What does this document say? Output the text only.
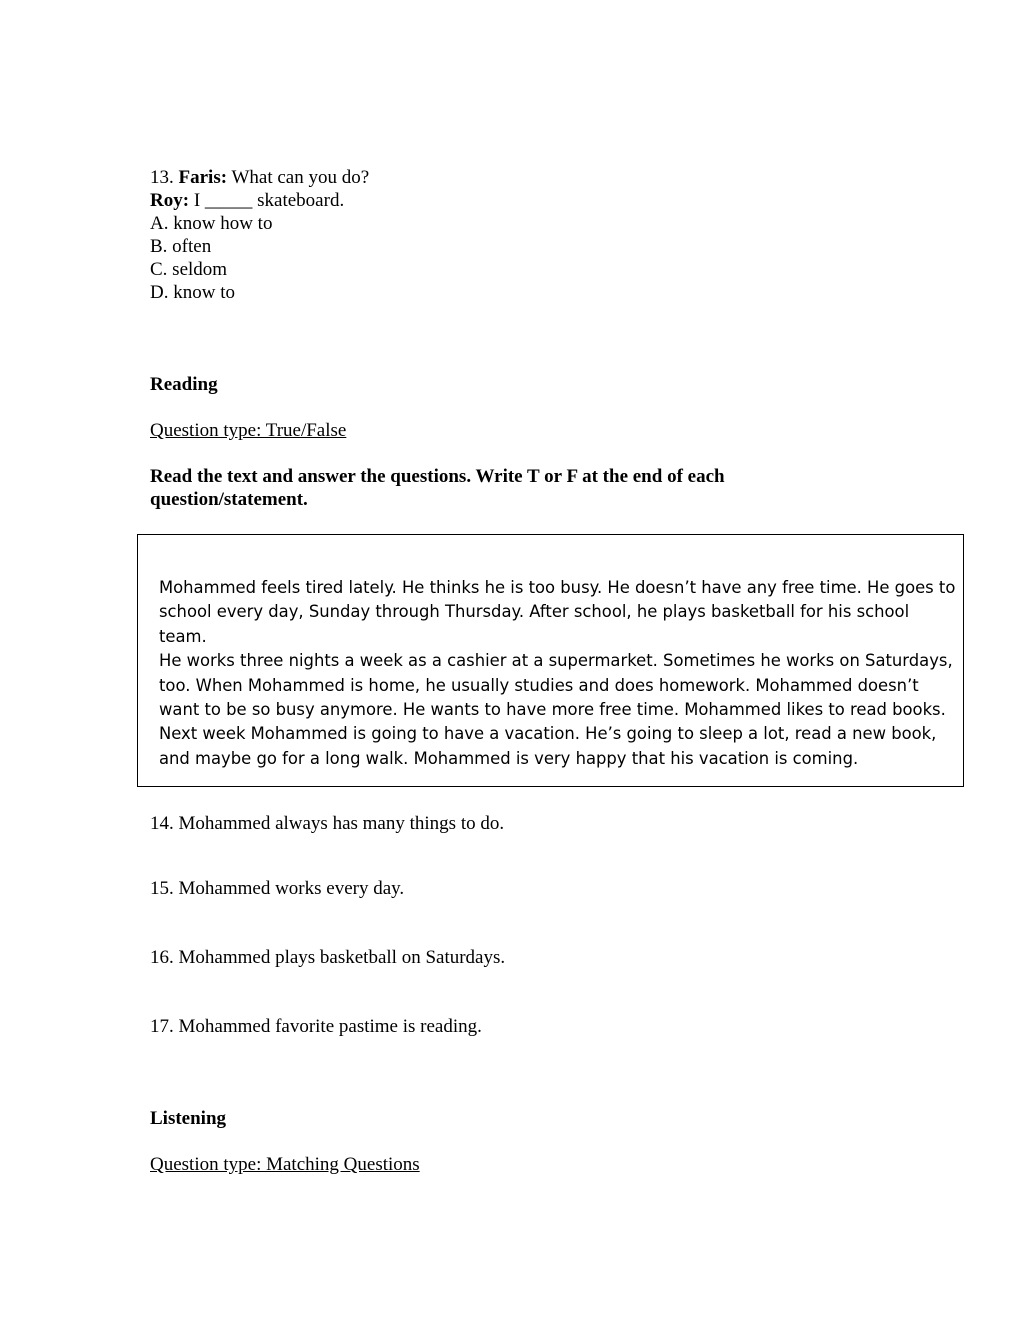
13. Faris: What can you do?
Roy: I _____ skateboard.
A. know how to
B. often
C. seldom
D. know to
Reading
Question type: True/False
Read the text and answer the questions. Write T or F at the end of each
question/statement.
Mohammed feels tired lately. He thinks he is too busy. He doesn’t have any free time. He goes to
school every day, Sunday through Thursday. After school, he plays basketball for his school team.
He works three nights a week as a cashier at a supermarket. Sometimes he works on Saturdays,
too. When Mohammed is home, he usually studies and does homework. Mohammed doesn’t
want to be so busy anymore. He wants to have more free time. Mohammed likes to read books.
Next week Mohammed is going to have a vacation. He’s going to sleep a lot, read a new book,
and maybe go for a long walk. Mohammed is very happy that his vacation is coming.
14. Mohammed always has many things to do.
15. Mohammed works every day.
16. Mohammed plays basketball on Saturdays.
17. Mohammed favorite pastime is reading.
Listening
Question type: Matching Questions
